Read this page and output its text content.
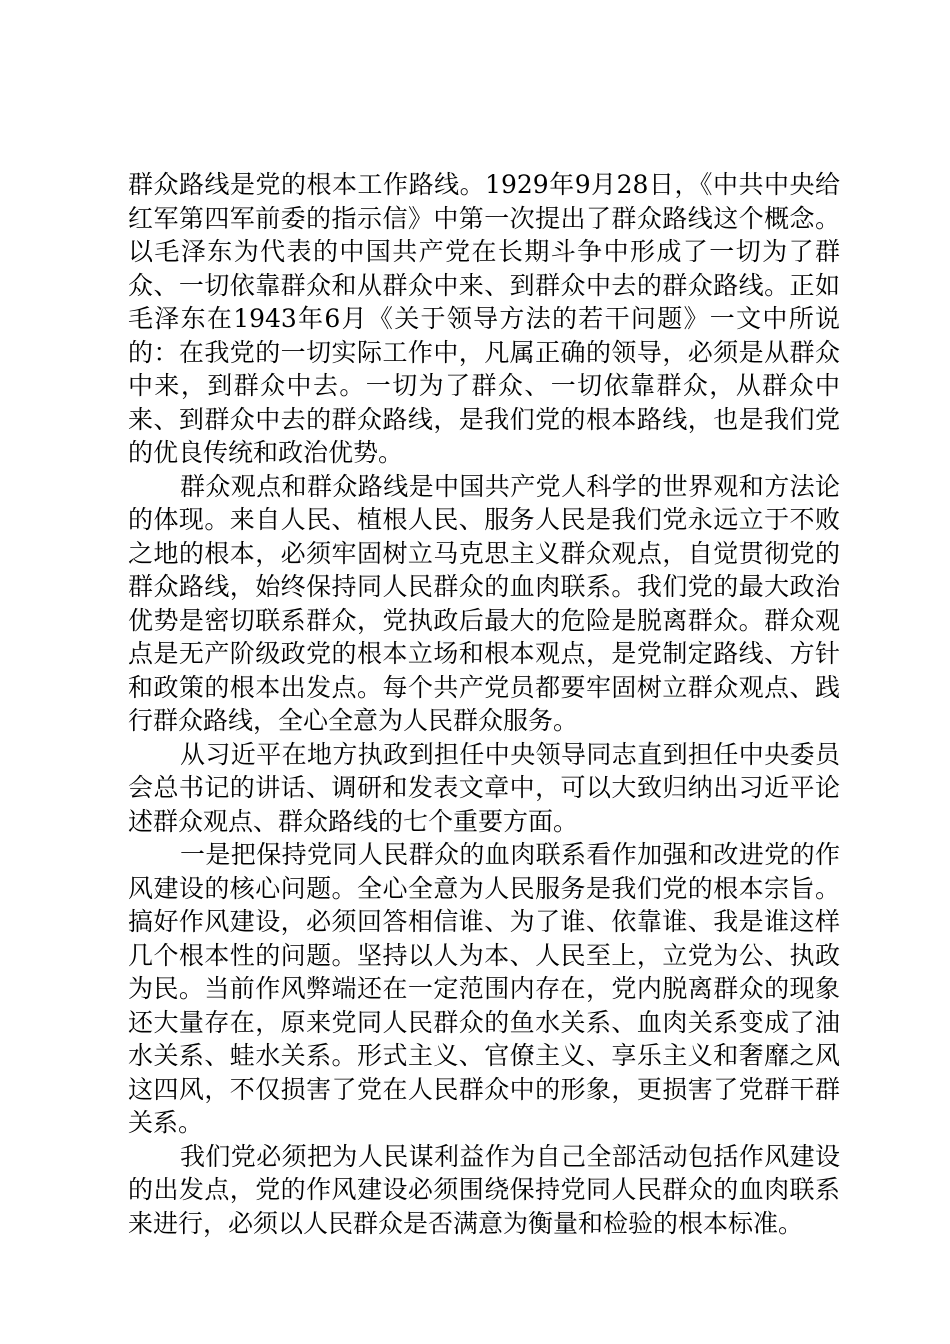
群众路线是党的根本工作路线。1929年9月28日，《中共中央给红军第四军前委的指示信》中第一次提出了群众路线这个概念。以毛泽东为代表的中国共产党在长期斗争中形成了一切为了群众、一切依靠群众和从群众中来、到群众中去的群众路线。正如毛泽东在1943年6月《关于领导方法的若干问题》一文中所说的：在我党的一切实际工作中，凡属正确的领导，必须是从群众中来，到群众中去。一切为了群众、一切依靠群众，从群众中来、到群众中去的群众路线，是我们党的根本路线，也是我们党的优良传统和政治优势。

群众观点和群众路线是中国共产党人科学的世界观和方法论的体现。来自人民、植根人民、服务人民是我们党永远立于不败之地的根本，必须牢固树立马克思主义群众观点，自觉贯彻党的群众路线，始终保持同人民群众的血肉联系。我们党的最大政治优势是密切联系群众，党执政后最大的危险是脱离群众。群众观点是无产阶级政党的根本立场和根本观点，是党制定路线、方针和政策的根本出发点。每个共产党员都要牢固树立群众观点、践行群众路线，全心全意为人民群众服务。

从习近平在地方执政到担任中央领导同志直到担任中央委员会总书记的讲话、调研和发表文章中，可以大致归纳出习近平论述群众观点、群众路线的七个重要方面。

一是把保持党同人民群众的血肉联系看作加强和改进党的作风建设的核心问题。全心全意为人民服务是我们党的根本宗旨。搞好作风建设，必须回答相信谁、为了谁、依靠谁、我是谁这样几个根本性的问题。坚持以人为本、人民至上，立党为公、执政为民。当前作风弊端还在一定范围内存在，党内脱离群众的现象还大量存在，原来党同人民群众的鱼水关系、血肉关系变成了油水关系、蛙水关系。形式主义、官僚主义、享乐主义和奢靡之风这四风，不仅损害了党在人民群众中的形象，更损害了党群干群关系。

我们党必须把为人民谋利益作为自己全部活动包括作风建设的出发点，党的作风建设必须围绕保持党同人民群众的血肉联系来进行，必须以人民群众是否满意为衡量和检验的根本标准。
